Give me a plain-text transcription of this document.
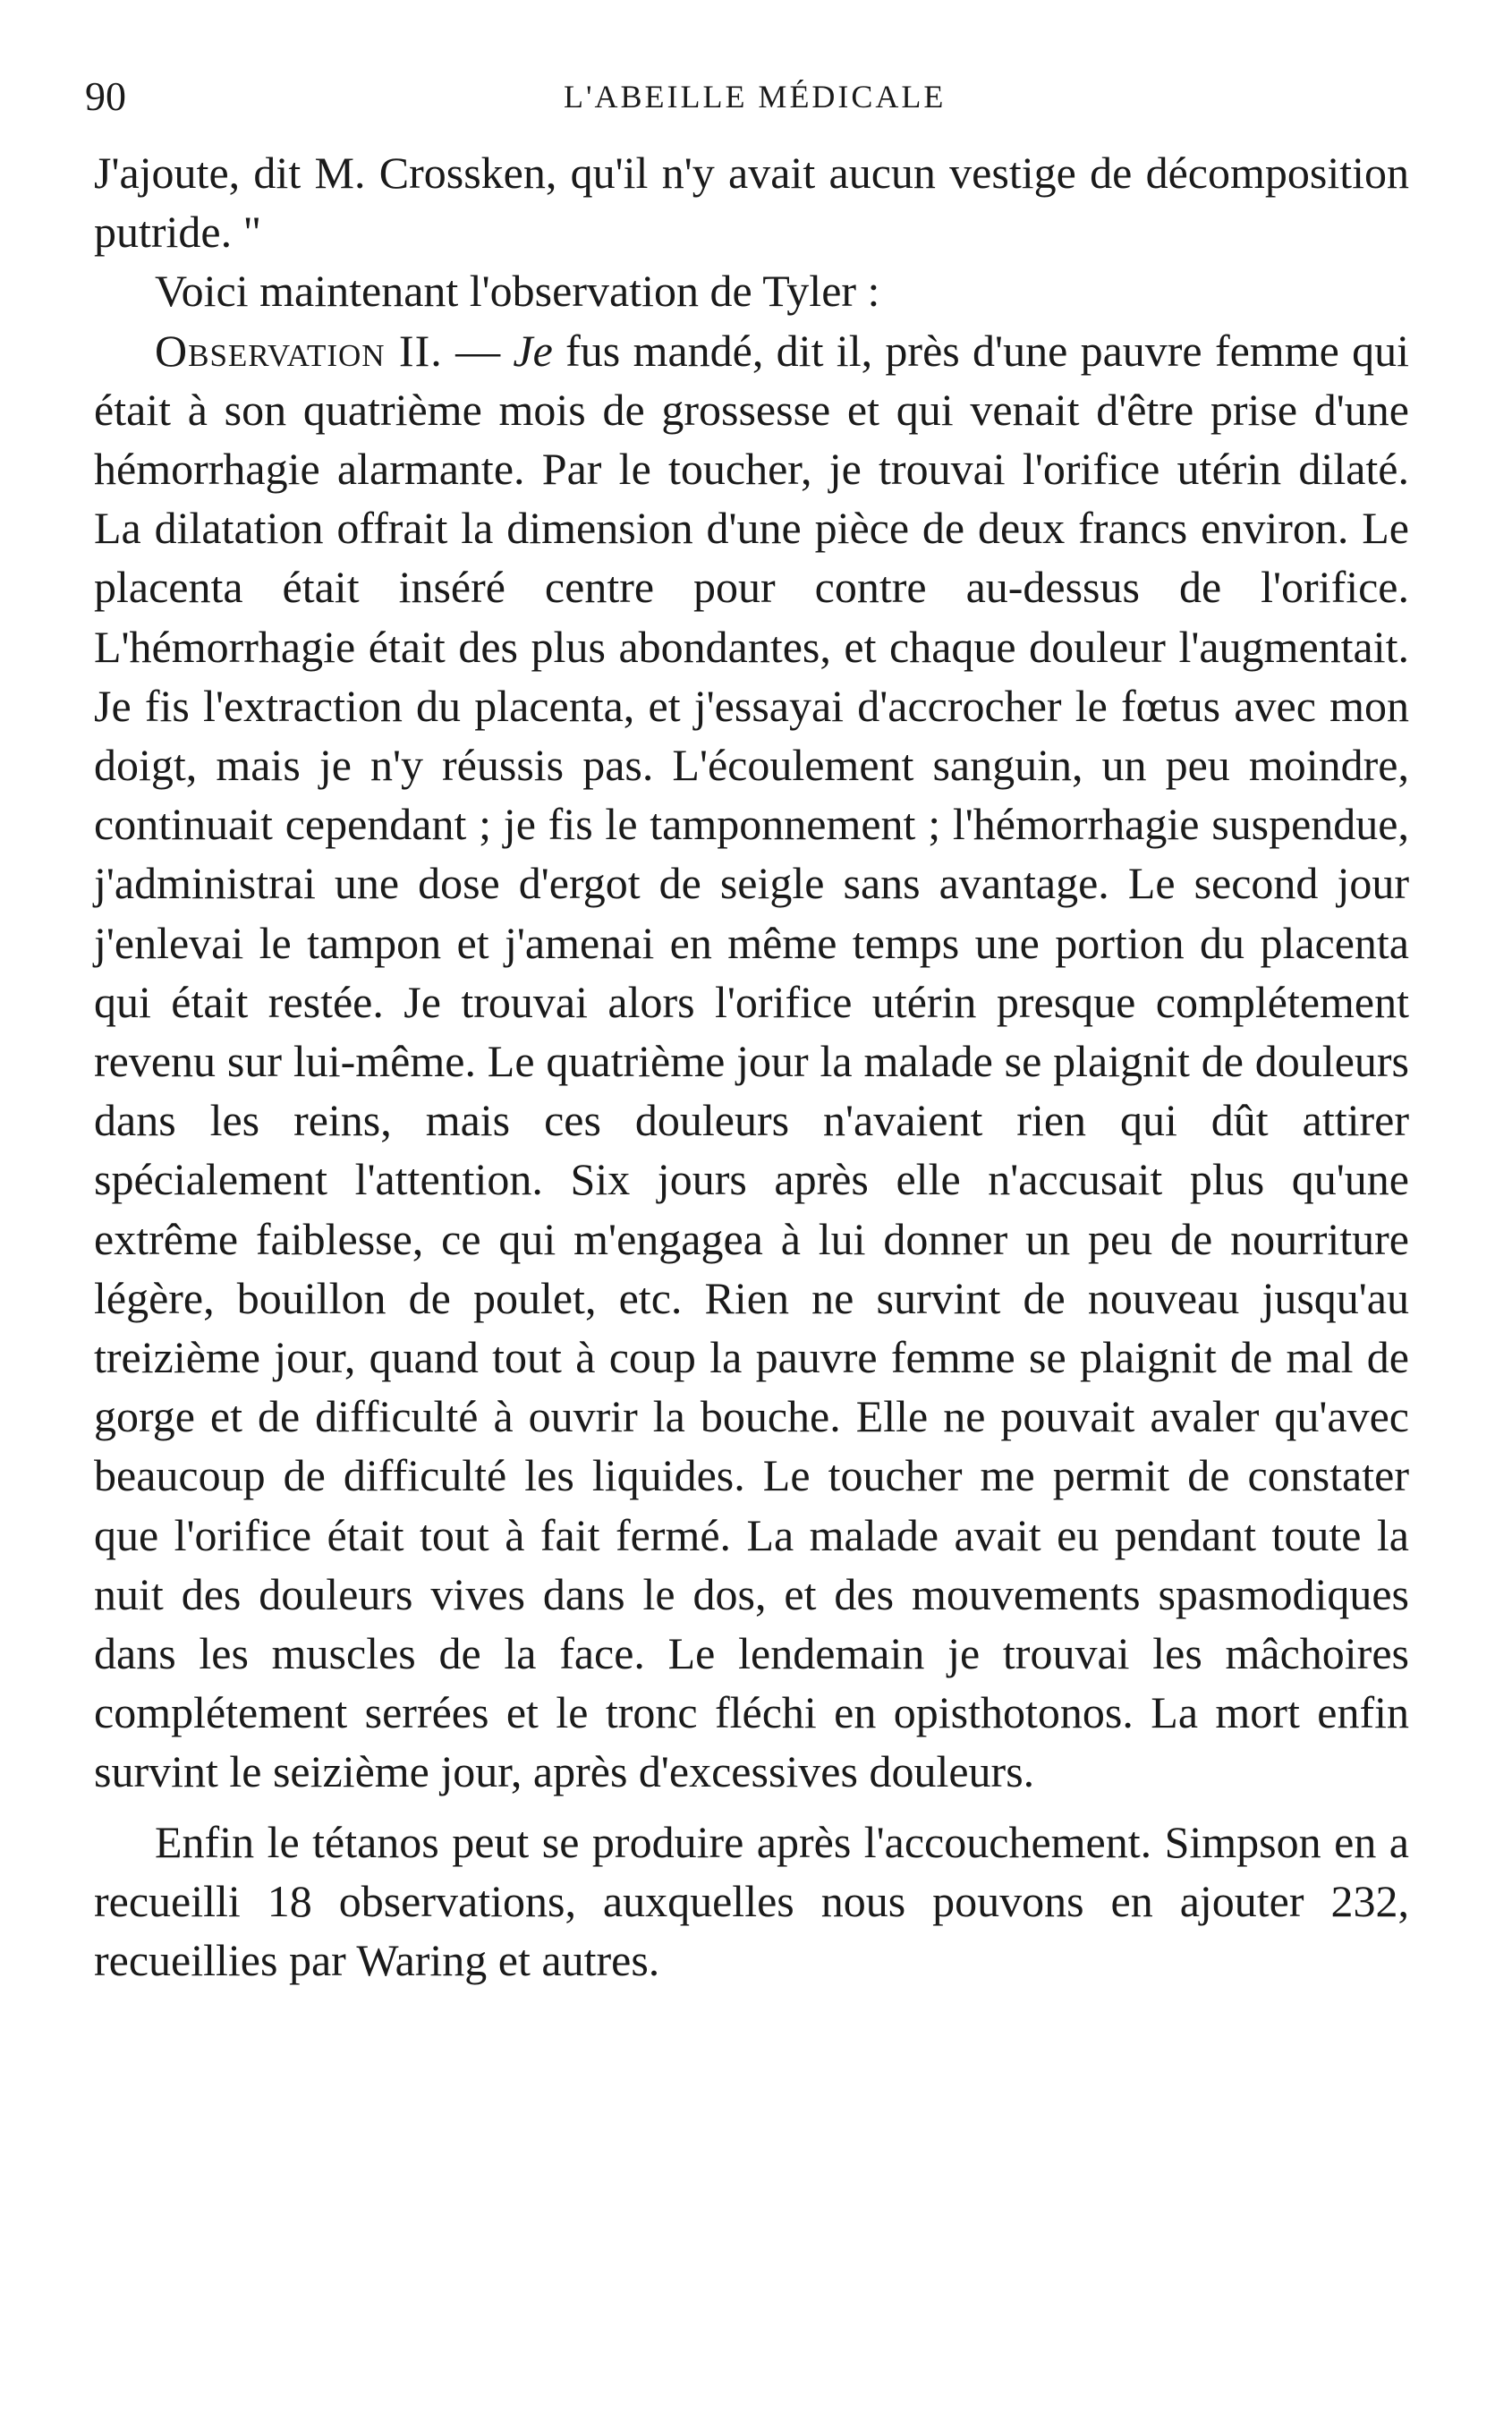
90	L'ABEILLE MÉDICALE

J'ajoute, dit M. Crossken, qu'il n'y avait aucun vestige de décomposition putride. "

Voici maintenant l'observation de Tyler :

Observation II. — Je fus mandé, dit il, près d'une pauvre femme qui était à son quatrième mois de grossesse et qui venait d'être prise d'une hémorrhagie alarmante. Par le toucher, je trouvai l'orifice utérin dilaté. La dilatation offrait la dimension d'une pièce de deux francs environ. Le placenta était inséré centre pour contre au-dessus de l'orifice. L'hémorrhagie était des plus abondantes, et chaque douleur l'augmentait. Je fis l'extraction du placenta, et j'essayai d'accrocher le fœtus avec mon doigt, mais je n'y réussis pas. L'écoulement sanguin, un peu moindre, continuait cependant ; je fis le tamponnement ; l'hémorrhagie suspendue, j'administrai une dose d'ergot de seigle sans avantage. Le second jour j'enlevai le tampon et j'amenai en même temps une portion du placenta qui était restée. Je trouvai alors l'orifice utérin presque complétement revenu sur lui-même. Le quatrième jour la malade se plaignit de douleurs dans les reins, mais ces douleurs n'avaient rien qui dût attirer spécialement l'attention. Six jours après elle n'accusait plus qu'une extrême faiblesse, ce qui m'engagea à lui donner un peu de nourriture légère, bouillon de poulet, etc. Rien ne survint de nouveau jusqu'au treizième jour, quand tout à coup la pauvre femme se plaignit de mal de gorge et de difficulté à ouvrir la bouche. Elle ne pouvait avaler qu'avec beaucoup de difficulté les liquides. Le toucher me permit de constater que l'orifice était tout à fait fermé. La malade avait eu pendant toute la nuit des douleurs vives dans le dos, et des mouvements spasmodiques dans les muscles de la face. Le lendemain je trouvai les mâchoires complétement serrées et le tronc fléchi en opisthotonos. La mort enfin survint le seizième jour, après d'excessives douleurs.

Enfin le tétanos peut se produire après l'accouchement. Simpson en a recueilli 18 observations, auxquelles nous pouvons en ajouter 232, recueillies par Waring et autres.
